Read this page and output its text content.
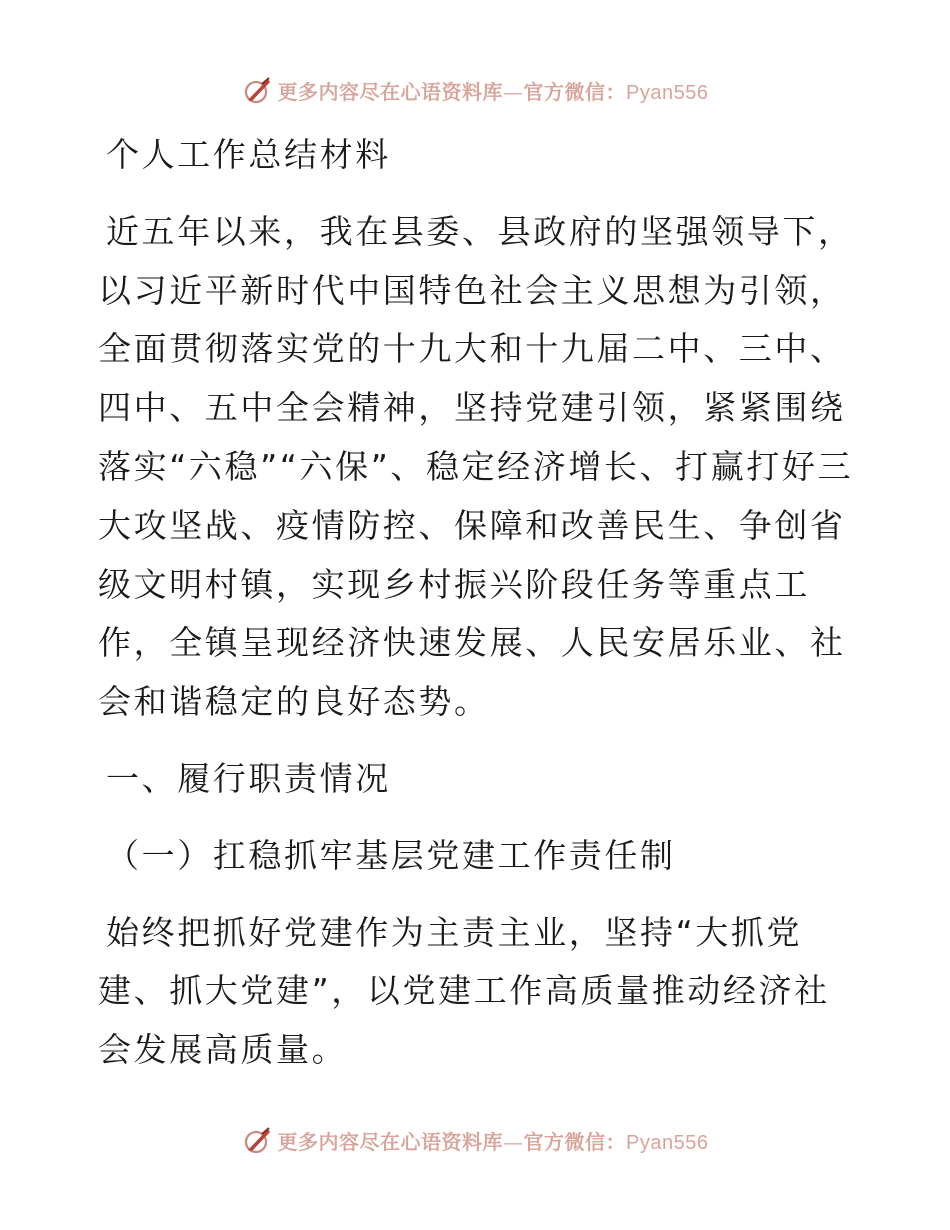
更多内容尽在心语资料库—官方微信：Pyan556

个人工作总结材料

近五年以来，我在县委、县政府的坚强领导下，以习近平新时代中国特色社会主义思想为引领，全面贯彻落实党的十九大和十九届二中、三中、四中、五中全会精神，坚持党建引领，紧紧围绕落实“六稳”“六保”、稳定经济增长、打赢打好三大攻坚战、疫情防控、保障和改善民生、争创省级文明村镇，实现乡村振兴阶段任务等重点工作，全镇呈现经济快速发展、人民安居乐业、社会和谐稳定的良好态势。

一、履行职责情况

（一）扛稳抓牢基层党建工作责任制

始终把抓好党建作为主责主业，坚持“大抓党建、抓大党建”，以党建工作高质量推动经济社会发展高质量。

更多内容尽在心语资料库—官方微信：Pyan556
